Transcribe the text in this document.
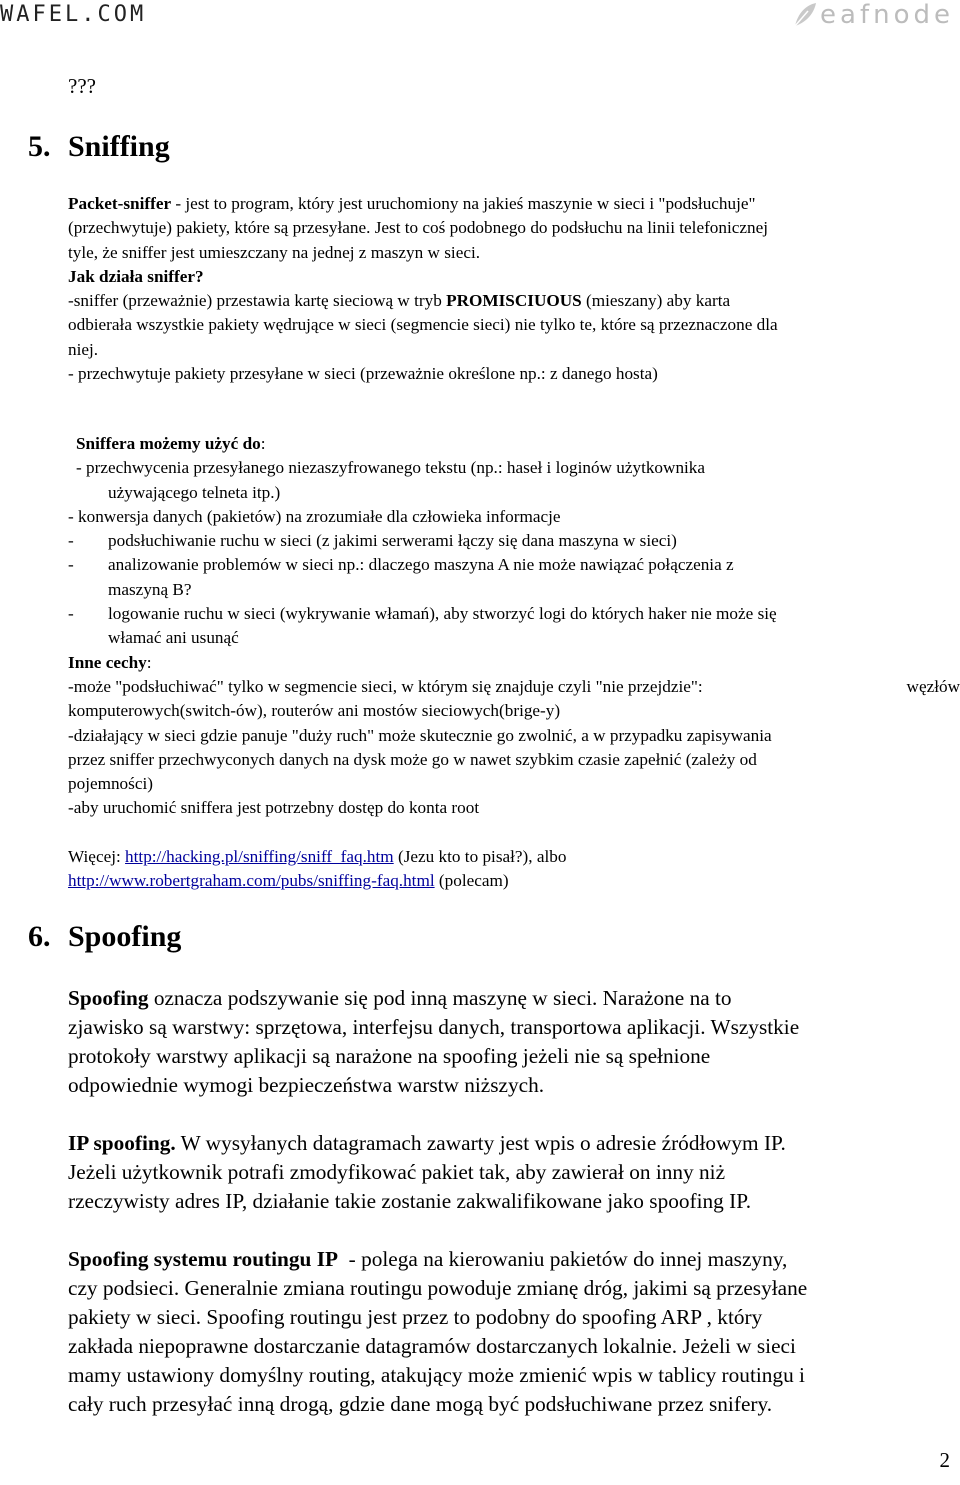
WAFEL.COM	eafnode
???
5. Sniffing

Packet-sniffer - jest to program, który jest uruchomiony na jakieś maszynie w sieci i "podsłuchuje"

(przechwytuje) pakiety, które są przesyłane. Jest to coś podobnego do podsłuchu na linii telefonicznej

tyle, że sniffer jest umieszczany na jednej z maszyn w sieci.

Jak działa sniffer?

-sniffer (przeważnie) przestawia kartę sieciową w tryb PROMISCIUOUS (mieszany) aby karta

odbierała wszystkie pakiety wędrujące w sieci (segmencie sieci) nie tylko te, które są przeznaczone dla

niej.

- przechwytuje pakiety przesyłane w sieci (przeważnie określone np.: z danego hosta)

Sniffera możemy użyć do:

- przechwycenia przesyłanego niezaszyfrowanego tekstu (np.: haseł i loginów użytkownika

używającego telneta itp.)

- konwersja danych (pakietów) na zrozumiałe dla człowieka informacje

-	podsłuchiwanie ruchu w sieci (z jakimi serwerami łączy się dana maszyna w sieci)
-	analizowanie problemów w sieci np.: dlaczego maszyna A nie może nawiązać połączenia z

maszyną B?

-	logowanie ruchu w sieci (wykrywanie włamań), aby stworzyć logi do których haker nie może się

włamać ani usunąć

Inne cechy:

-może "podsłuchiwać" tylko w segmencie sieci, w którym się znajduje czyli "nie przejdzie":	węzłów

komputerowych(switch-ów), routerów ani mostów sieciowych(brige-y)

-działający w sieci gdzie panuje "duży ruch" może skutecznie go zwolnić, a w przypadku zapisywania

przez sniffer przechwyconych danych na dysk może go w nawet szybkim czasie zapełnić (zależy od

pojemności)

-aby uruchomić sniffera jest potrzebny dostęp do konta root

Więcej: http://hacking.pl/sniffing/sniff_faq.htm (Jezu kto to pisał?), albo

http://www.robertgraham.com/pubs/sniffing-faq.html (polecam)

6. Spoofing

Spoofing oznacza podszywanie się pod inną maszynę w sieci. Narażone na to
zjawisko są warstwy: sprzętowa, interfejsu danych, transportowa aplikacji. Wszystkie
protokoły warstwy aplikacji są narażone na spoofing jeżeli nie są spełnione
odpowiednie wymogi bezpieczeństwa warstw niższych.

IP spoofing. W wysyłanych datagramach zawarty jest wpis o adresie źródłowym IP.
Jeżeli użytkownik potrafi zmodyfikować pakiet tak, aby zawierał on inny niż
rzeczywisty adres IP, działanie takie zostanie zakwalifikowane jako spoofing IP.

Spoofing systemu routingu IP  - polega na kierowaniu pakietów do innej maszyny,
czy podsieci. Generalnie zmiana routingu powoduje zmianę dróg, jakimi są przesyłane
pakiety w sieci. Spoofing routingu jest przez to podobny do spoofing ARP , który
zakłada niepoprawne dostarczanie datagramów dostarczanych lokalnie. Jeżeli w sieci
mamy ustawiony domyślny routing, atakujący może zmienić wpis w tablicy routingu i
cały ruch przesyłać inną drogą, gdzie dane mogą być podsłuchiwane przez snifery.

2
